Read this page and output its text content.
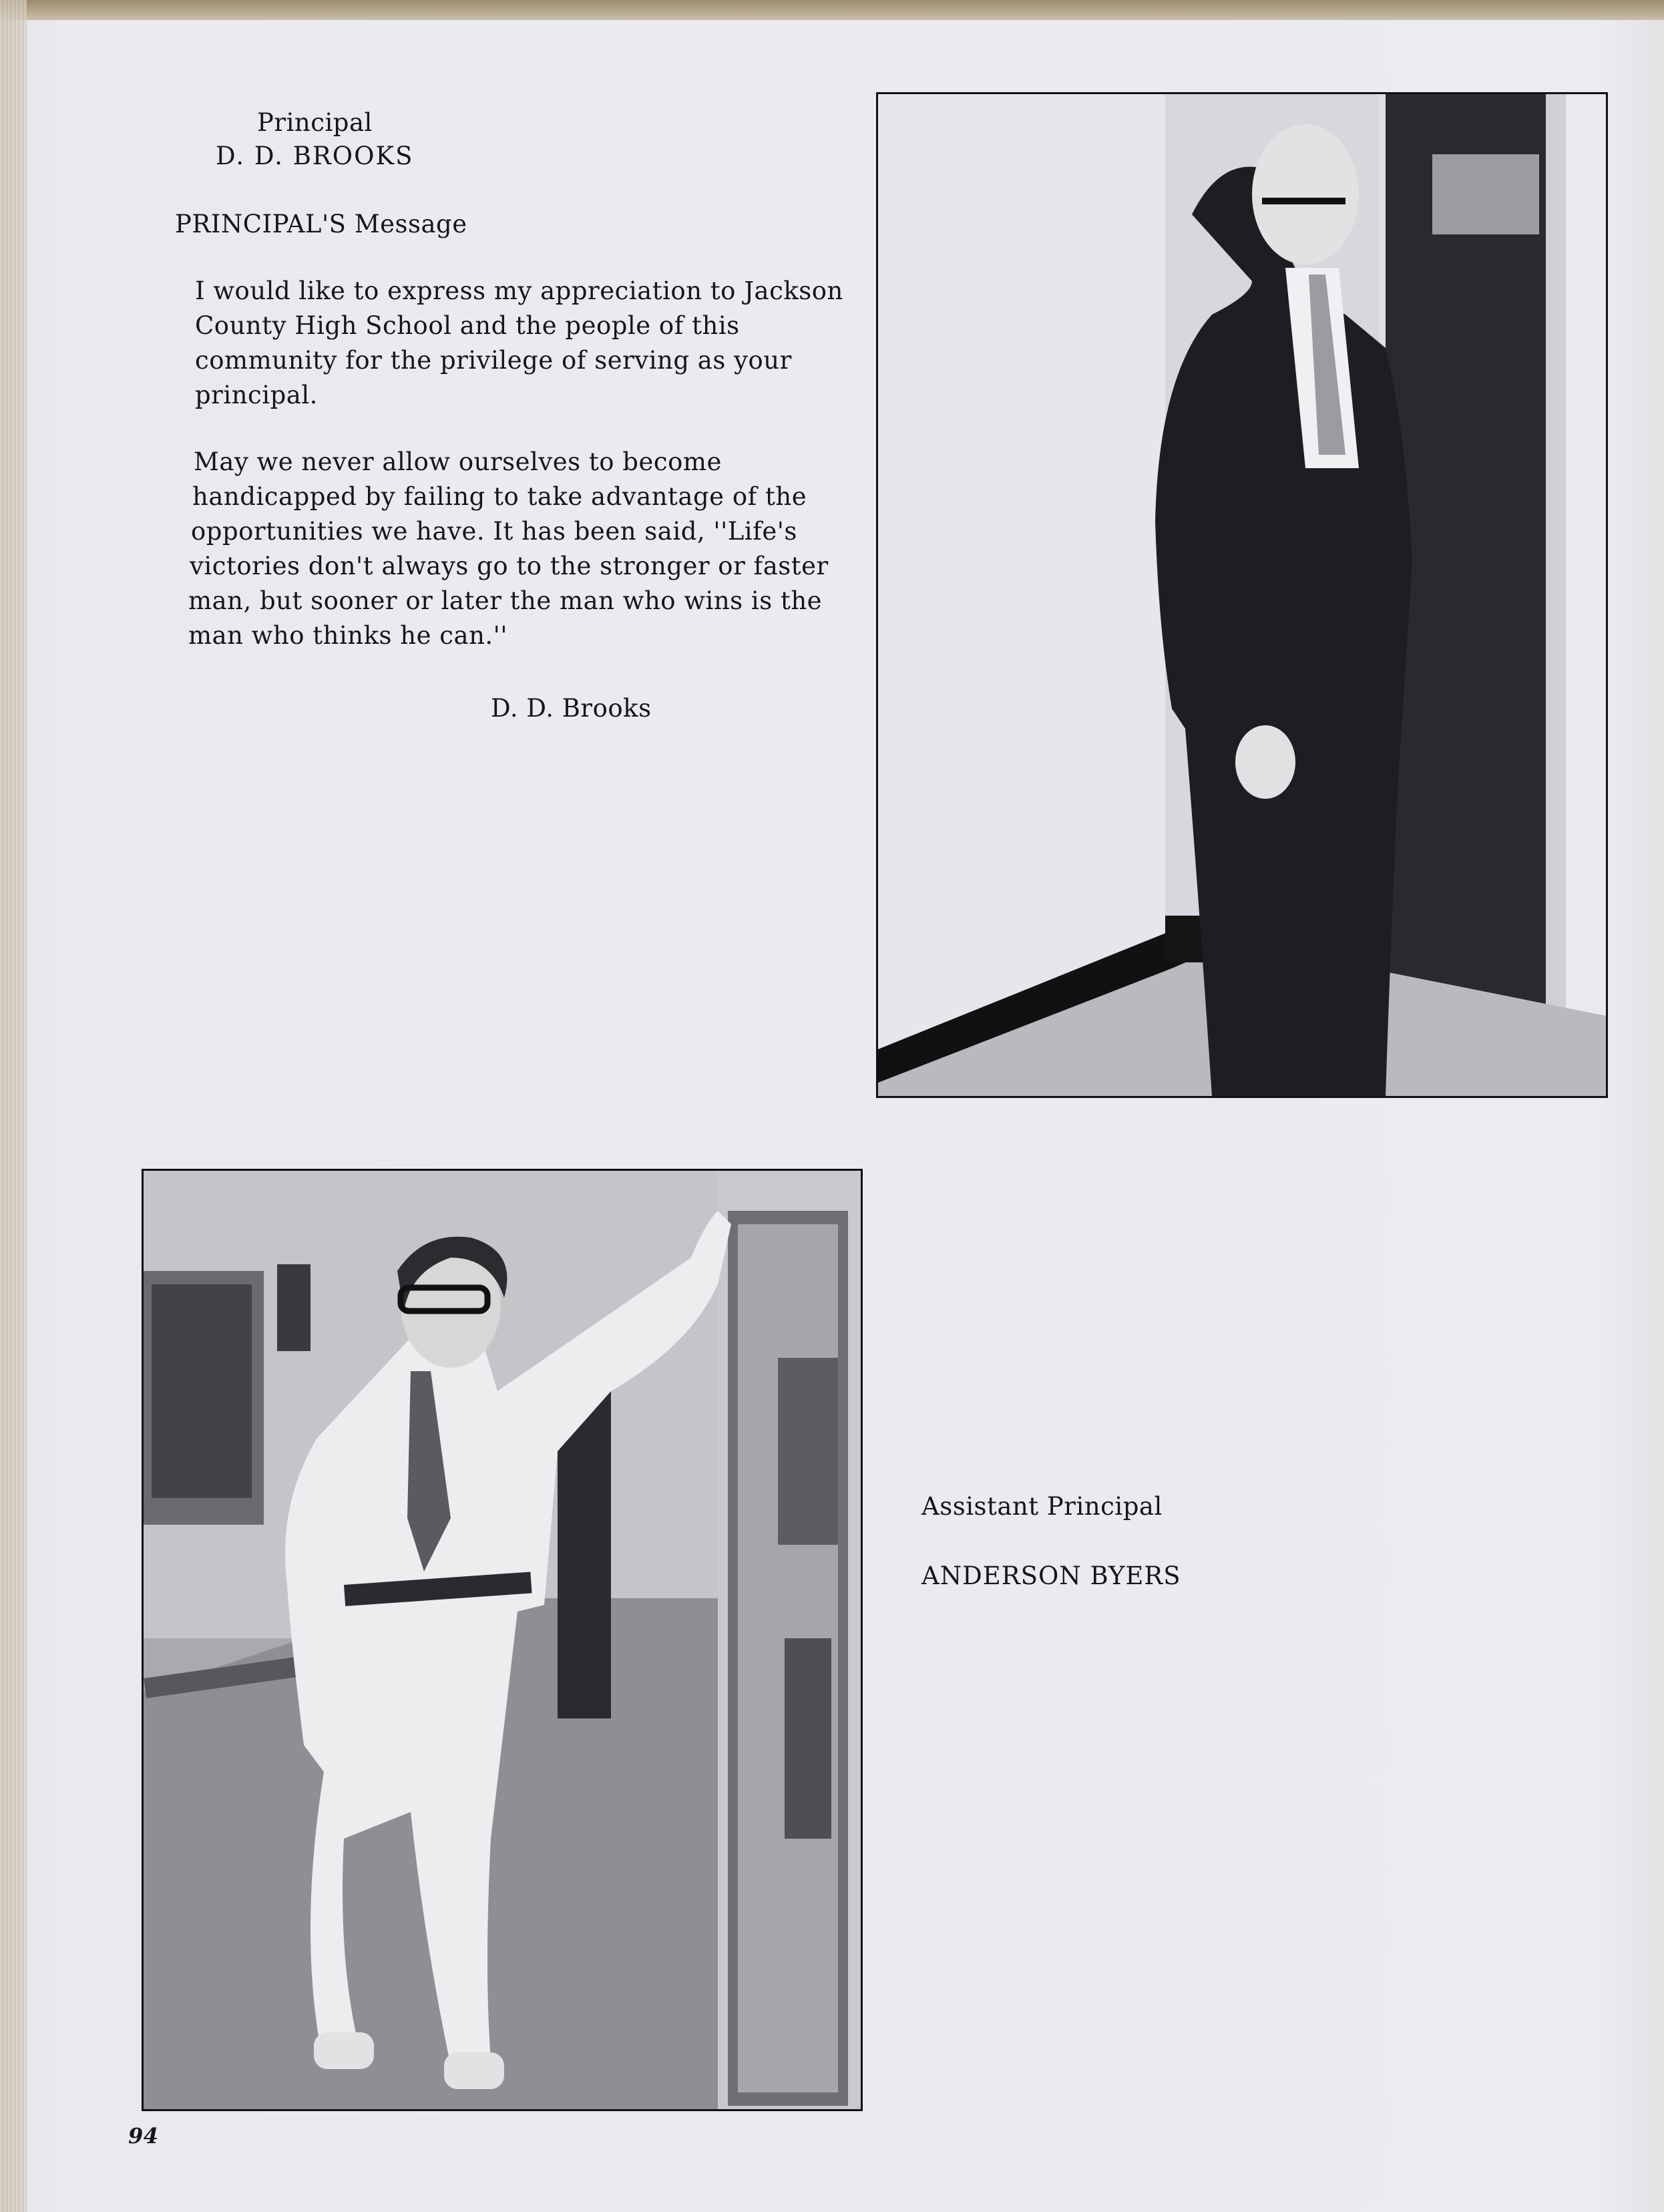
Principal
D. D. BROOKS
PRINCIPAL'S Message
I would like to express my appreciation to Jackson
County High School and the people of this
community for the privilege of serving as your
principal.
May we never allow ourselves to become
handicapped by failing to take advantage of the
opportunities we have. It has been said, ''Life's
victories don't always go to the stronger or faster
man, but sooner or later the man who wins is the
man who thinks he can.''
D. D. Brooks
Assistant Principal
ANDERSON BYERS
94
